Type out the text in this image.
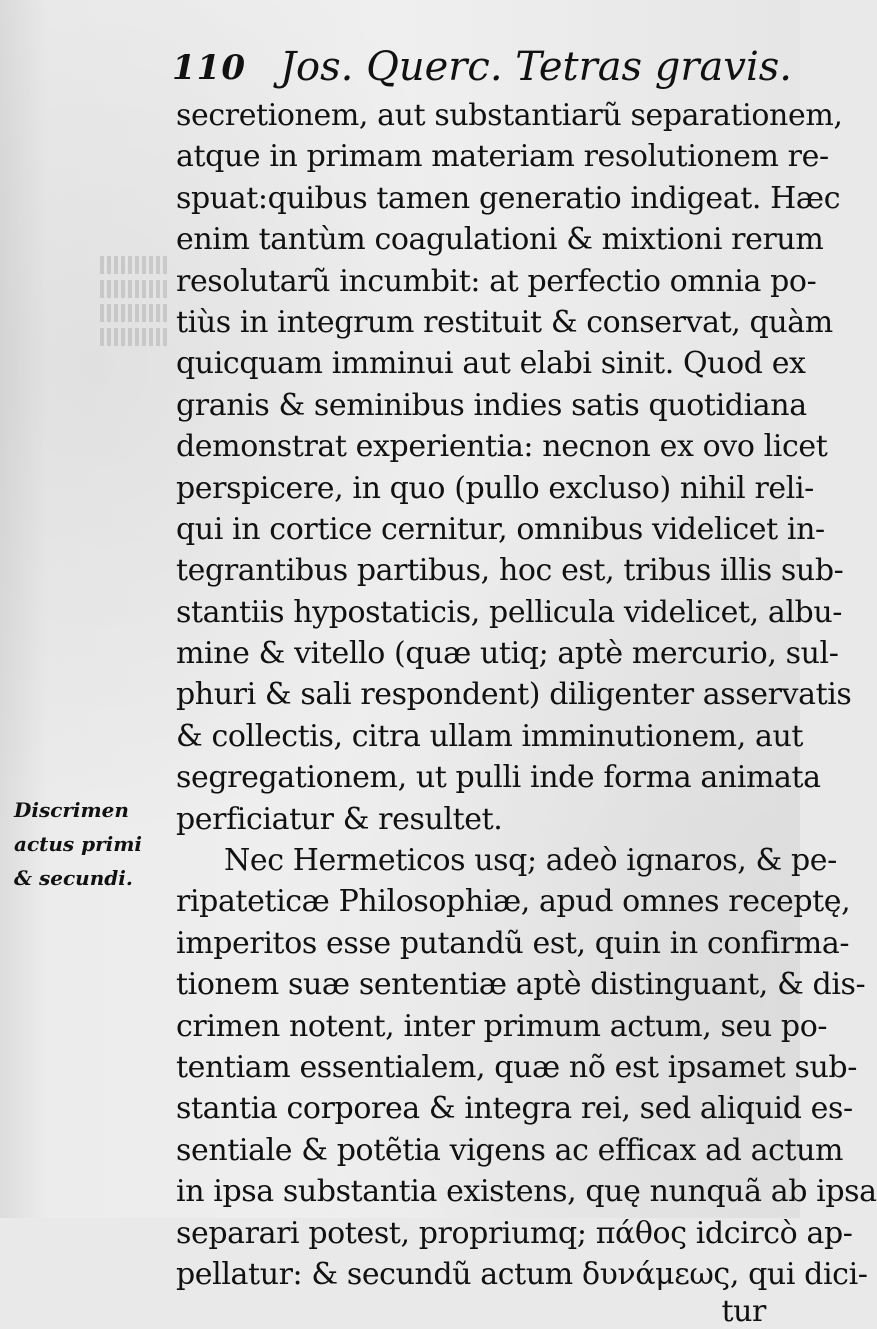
110 Jos. Querc. Tetras gravis.
Discrimen
actus primi
& secundi.
secretionem, aut substantiarũ separationem,
atque in primam materiam resolutionem re-
spuat:quibus tamen generatio indigeat. Hæc
enim tantùm coagulationi & mixtioni rerum
resolutarũ incumbit: at perfectio omnia po-
tiùs in integrum restituit & conservat, quàm
quicquam imminui aut elabi sinit. Quod ex
granis & seminibus indies satis quotidiana
demonstrat experientia: necnon ex ovo licet
perspicere, in quo (pullo excluso) nihil reli-
qui in cortice cernitur, omnibus videlicet in-
tegrantibus partibus, hoc est, tribus illis sub-
stantiis hypostaticis, pellicula videlicet, albu-
mine & vitello (quæ utiq; aptè mercurio, sul-
phuri & sali respondent) diligenter asservatis
& collectis, citra ullam imminutionem, aut
segregationem, ut pulli inde forma animata
perficiatur & resultet.
Nec Hermeticos usq; adeò ignaros, & pe-
ripateticæ Philosophiæ, apud omnes receptę,
imperitos esse putandũ est, quin in confirma-
tionem suæ sententiæ aptè distinguant, & dis-
crimen notent, inter primum actum, seu po-
tentiam essentialem, quæ nõ est ipsamet sub-
stantia corporea & integra rei, sed aliquid es-
sentiale & potẽtia vigens ac efficax ad actum
in ipsa substantia existens, quę nunquã ab ipsa
separari potest, propriumq; πάθος idcircò ap-
pellatur: & secundũ actum δυνάμεως, qui dici-
tur
